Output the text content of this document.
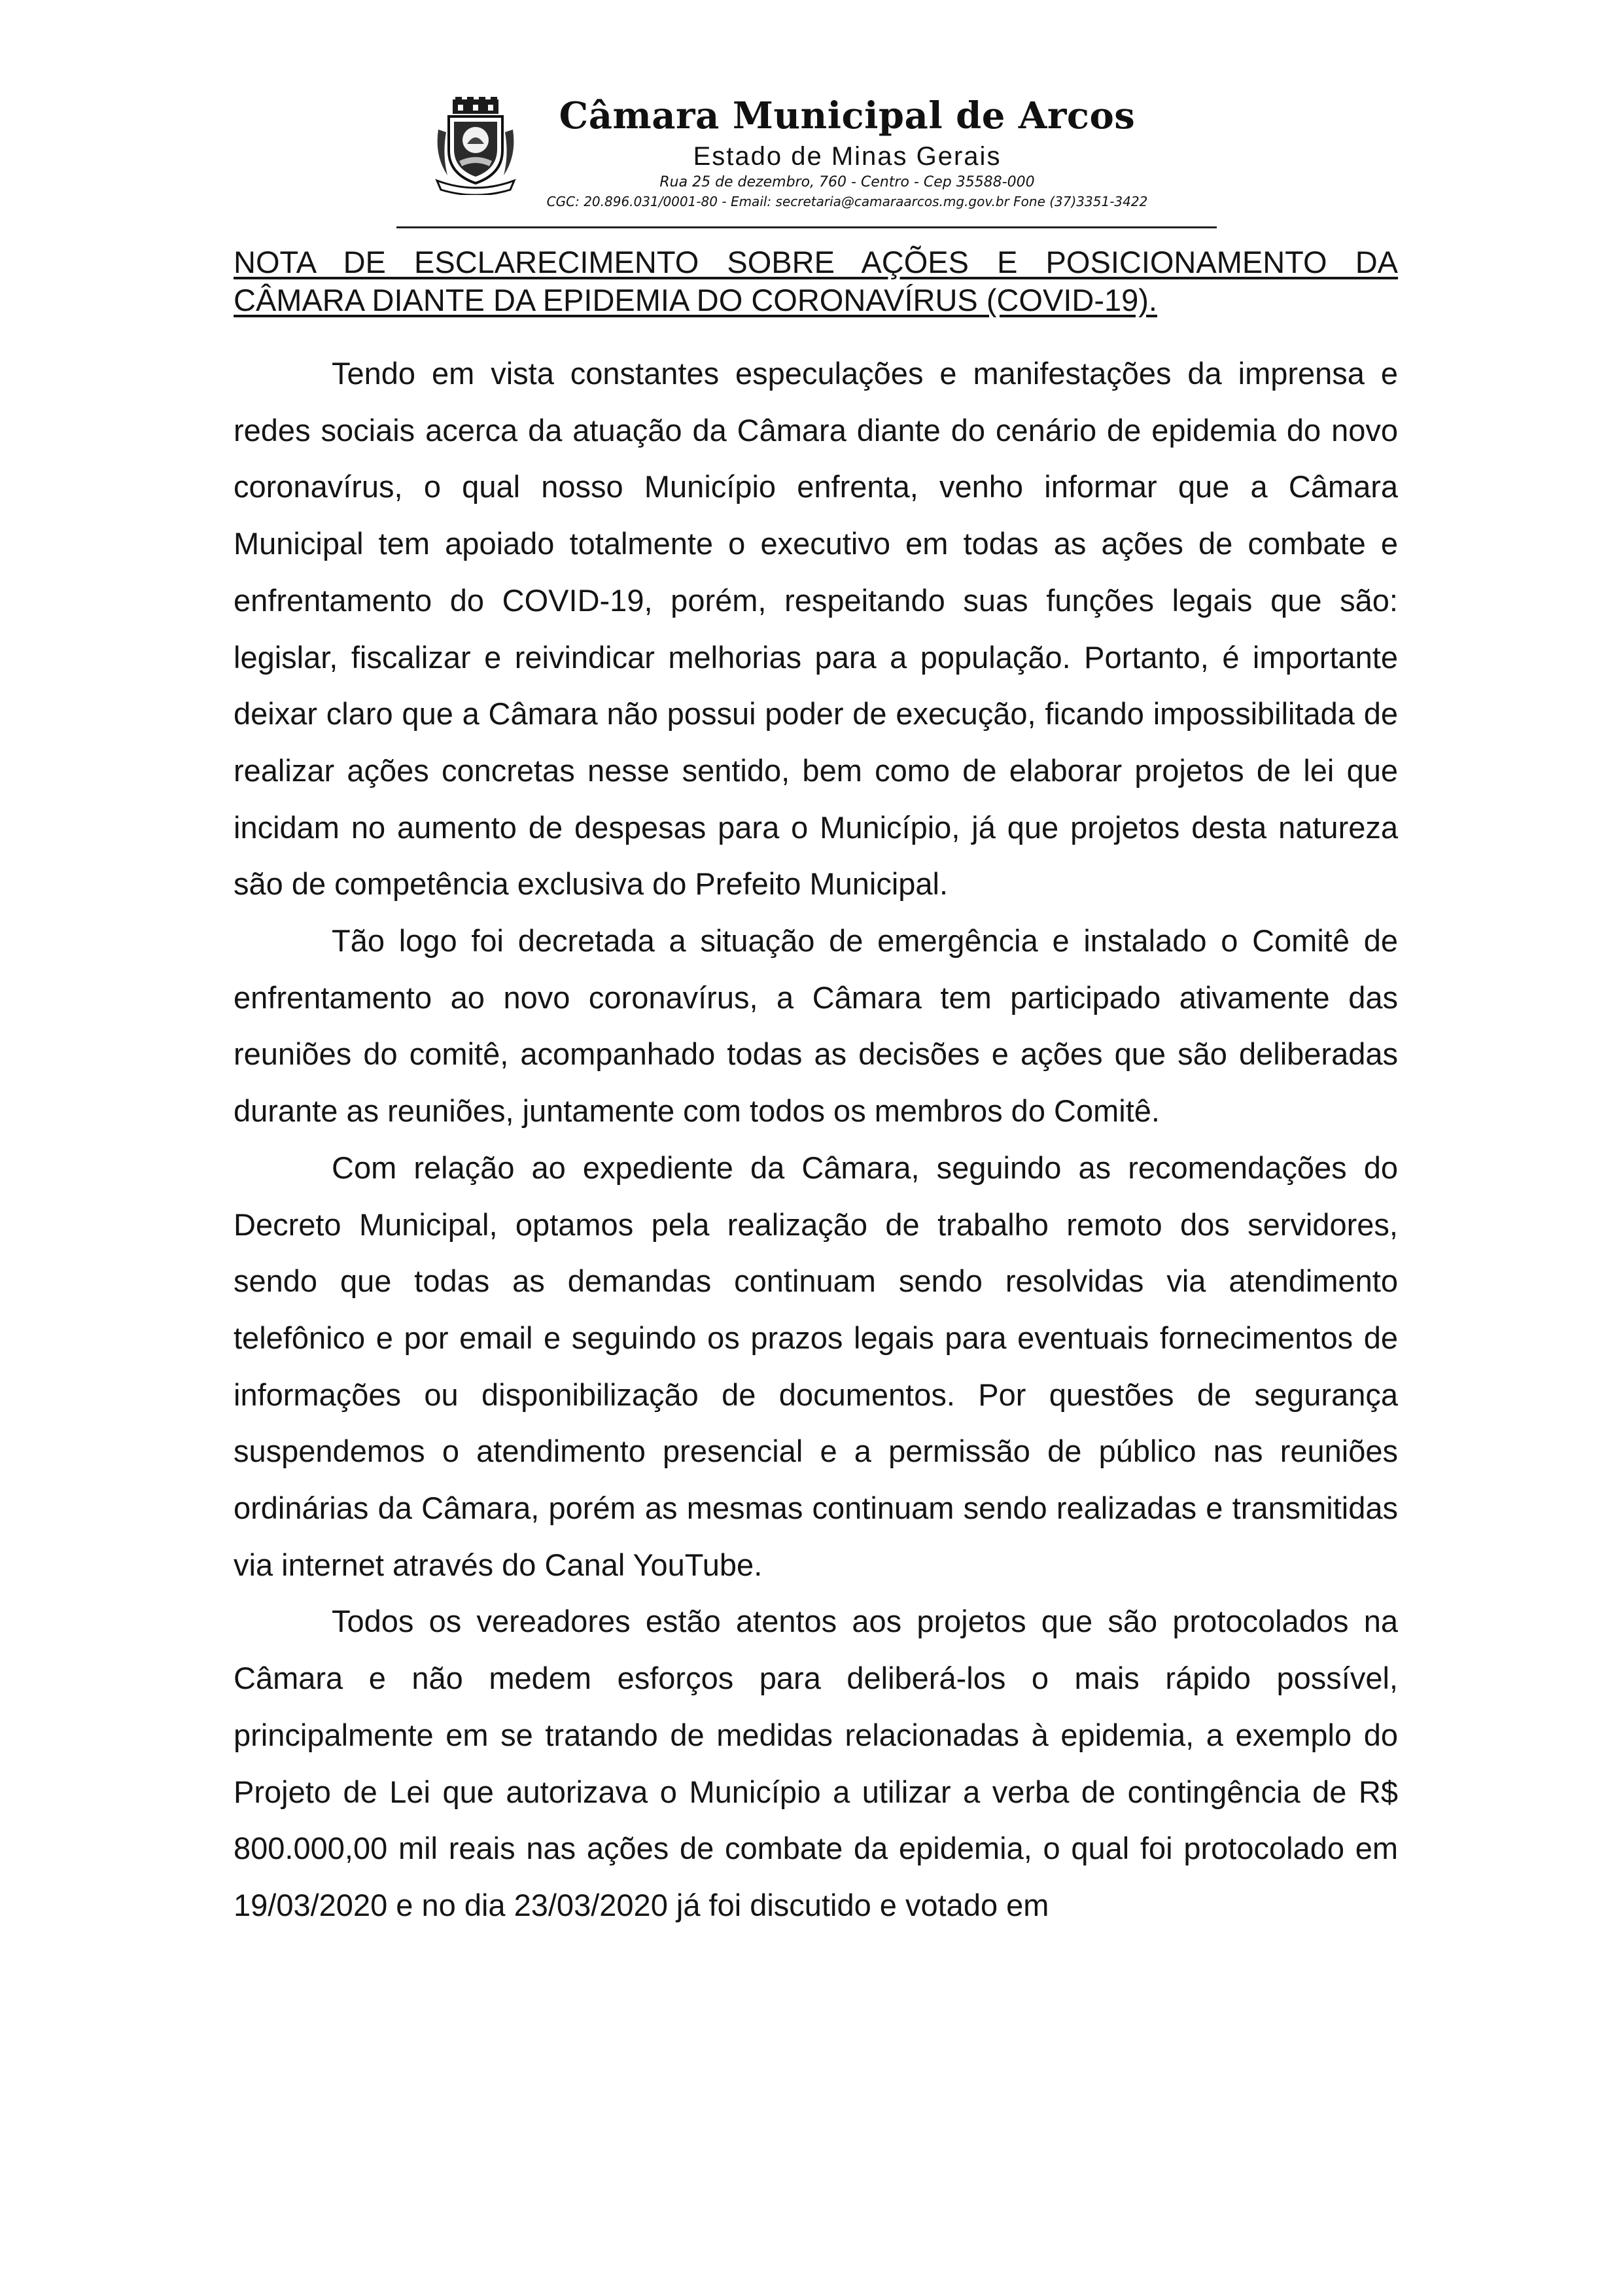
Câmara Municipal de Arcos
Estado de Minas Gerais
Rua 25 de dezembro, 760 - Centro - Cep 35588-000
CGC: 20.896.031/0001-80 - Email: secretaria@camaraarcos.mg.gov.br Fone (37)3351-3422
NOTA DE ESCLARECIMENTO SOBRE AÇÕES E POSICIONAMENTO DA CÂMARA DIANTE DA EPIDEMIA DO CORONAVÍRUS (COVID-19).

Tendo em vista constantes especulações e manifestações da imprensa e redes sociais acerca da atuação da Câmara diante do cenário de epidemia do novo coronavírus, o qual nosso Município enfrenta, venho informar que a Câmara Municipal tem apoiado totalmente o executivo em todas as ações de combate e enfrentamento do COVID-19, porém, respeitando suas funções legais que são: legislar, fiscalizar e reivindicar melhorias para a população. Portanto, é importante deixar claro que a Câmara não possui poder de execução, ficando impossibilitada de realizar ações concretas nesse sentido, bem como de elaborar projetos de lei que incidam no aumento de despesas para o Município, já que projetos desta natureza são de competência exclusiva do Prefeito Municipal.

Tão logo foi decretada a situação de emergência e instalado o Comitê de enfrentamento ao novo coronavírus, a Câmara tem participado ativamente das reuniões do comitê, acompanhado todas as decisões e ações que são deliberadas durante as reuniões, juntamente com todos os membros do Comitê.

Com relação ao expediente da Câmara, seguindo as recomendações do Decreto Municipal, optamos pela realização de trabalho remoto dos servidores, sendo que todas as demandas continuam sendo resolvidas via atendimento telefônico e por email e seguindo os prazos legais para eventuais fornecimentos de informações ou disponibilização de documentos. Por questões de segurança suspendemos o atendimento presencial e a permissão de público nas reuniões ordinárias da Câmara, porém as mesmas continuam sendo realizadas e transmitidas via internet através do Canal YouTube.

Todos os vereadores estão atentos aos projetos que são protocolados na Câmara e não medem esforços para deliberá-los o mais rápido possível, principalmente em se tratando de medidas relacionadas à epidemia, a exemplo do Projeto de Lei que autorizava o Município a utilizar a verba de contingência de R$ 800.000,00 mil reais nas ações de combate da epidemia, o qual foi protocolado em 19/03/2020 e no dia 23/03/2020 já foi discutido e votado em
